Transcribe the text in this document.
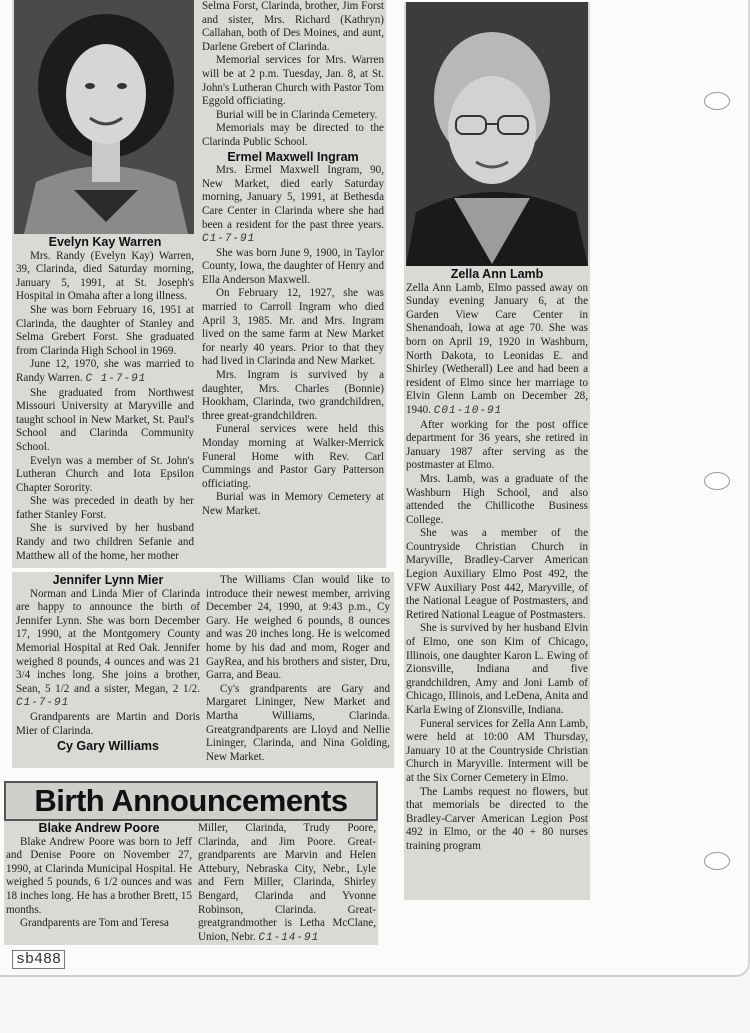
Evelyn Kay Warren

Mrs. Randy (Evelyn Kay) Warren, 39, Clarinda, died Saturday morning, January 5, 1991, at St. Joseph's Hospital in Omaha after a long illness.

She was born February 16, 1951 at Clarinda, the daughter of Stanley and Selma Grebert Forst. She graduated from Clarinda High School in 1969.

June 12, 1970, she was married to Randy Warren. C 1-7-91

She graduated from Northwest Missouri University at Maryville and taught school in New Market, St. Paul's School and Clarinda Community School.

Evelyn was a member of St. John's Lutheran Church and Iota Epsilon Chapter Sorority.

She was preceded in death by her father Stanley Forst.

She is survived by her husband Randy and two children Sefanie and Matthew all of the home, her mother

Selma Forst, Clarinda, brother, Jim Forst and sister, Mrs. Richard (Kathryn) Callahan, both of Des Moines, and aunt, Darlene Grebert of Clarinda.

Memorial services for Mrs. Warren will be at 2 p.m. Tuesday, Jan. 8, at St. John's Lutheran Church with Pastor Tom Eggold officiating.

Burial will be in Clarinda Cemetery.

Memorials may be directed to the Clarinda Public School.

Ermel Maxwell Ingram

Mrs. Ermel Maxwell Ingram, 90, New Market, died early Saturday morning, January 5, 1991, at Bethesda Care Center in Clarinda where she had been a resident for the past three years. C1-7-91

She was born June 9, 1900, in Taylor County, Iowa, the daughter of Henry and Ella Anderson Maxwell.

On February 12, 1927, she was married to Carroll Ingram who died April 3, 1985. Mr. and Mrs. Ingram lived on the same farm at New Market for nearly 40 years. Prior to that they had lived in Clarinda and New Market.

Mrs. Ingram is survived by a daughter, Mrs. Charles (Bonnie) Hookham, Clarinda, two grandchildren, three great-grandchildren.

Funeral services were held this Monday morning at Walker-Merrick Funeral Home with Rev. Carl Cummings and Pastor Gary Patterson officiating.

Burial was in Memory Cemetery at New Market.

Zella Ann Lamb

Zella Ann Lamb, Elmo passed away on Sunday evening January 6, at the Garden View Care Center in Shenandoah, Iowa at age 70. She was born on April 19, 1920 in Washburn, North Dakota, to Leonidas E. and Shirley (Wetherall) Lee and had been a resident of Elmo since her marriage to Elvin Glenn Lamb on December 28, 1940. C01-10-91

After working for the post office department for 36 years, she retired in January 1987 after serving as the postmaster at Elmo.

Mrs. Lamb, was a graduate of the Washburn High School, and also attended the Chillicothe Business College.

She was a member of the Countryside Christian Church in Maryville, Bradley-Carver American Legion Auxiliary Elmo Post 492, the VFW Auxiliary Post 442, Maryville, of the National League of Postmasters, and Retired National League of Postmasters.

She is survived by her husband Elvin of Elmo, one son Kim of Chicago, Illinois, one daughter Karon L. Ewing of Zionsville, Indiana and five grandchildren, Amy and Joni Lamb of Chicago, Illinois, and LeDena, Anita and Karla Ewing of Zionsville, Indiana.

Funeral services for Zella Ann Lamb, were held at 10:00 AM Thursday, January 10 at the Countryside Christian Church in Maryville. Interment will be at the Six Corner Cemetery in Elmo.

The Lambs request no flowers, but that memorials be directed to the Bradley-Carver American Legion Post 492 in Elmo, or the 40 + 80 nurses training program

Jennifer Lynn Mier

Norman and Linda Mier of Clarinda are happy to announce the birth of Jennifer Lynn. She was born December 17, 1990, at the Montgomery County Memorial Hospital at Red Oak. Jennifer weighed 8 pounds, 4 ounces and was 21 3/4 inches long. She joins a brother, Sean, 5 1/2 and a sister, Megan, 2 1/2. C1-7-91

Grandparents are Martin and Doris Mier of Clarinda.

Cy Gary Williams

The Williams Clan would like to introduce their newest member, arriving December 24, 1990, at 9:43 p.m., Cy Gary. He weighed 6 pounds, 8 ounces and was 20 inches long. He is welcomed home by his dad and mom, Roger and GayRea, and his brothers and sister, Dru, Garra, and Beau.

Cy's grandparents are Gary and Margaret Lininger, New Market and Martha Williams, Clarinda. Greatgrandparents are Lloyd and Nellie Lininger, Clarinda, and Nina Golding, New Market.

Birth Announcements
Blake Andrew Poore

Blake Andrew Poore was born to Jeff and Denise Poore on November 27, 1990, at Clarinda Municipal Hospital. He weighed 5 pounds, 6 1/2 ounces and was 18 inches long. He has a brother Brett, 15 months.

Grandparents are Tom and Teresa

Miller, Clarinda, Trudy Poore, Clarinda, and Jim Poore. Great-grandparents are Marvin and Helen Attebury, Nebraska City, Nebr., Lyle and Fern Miller, Clarinda, Shirley Bengard, Clarinda and Yvonne Robinson, Clarinda. Great-greatgrandmother is Letha McClane, Union, Nebr. C1-14-91

sb488
